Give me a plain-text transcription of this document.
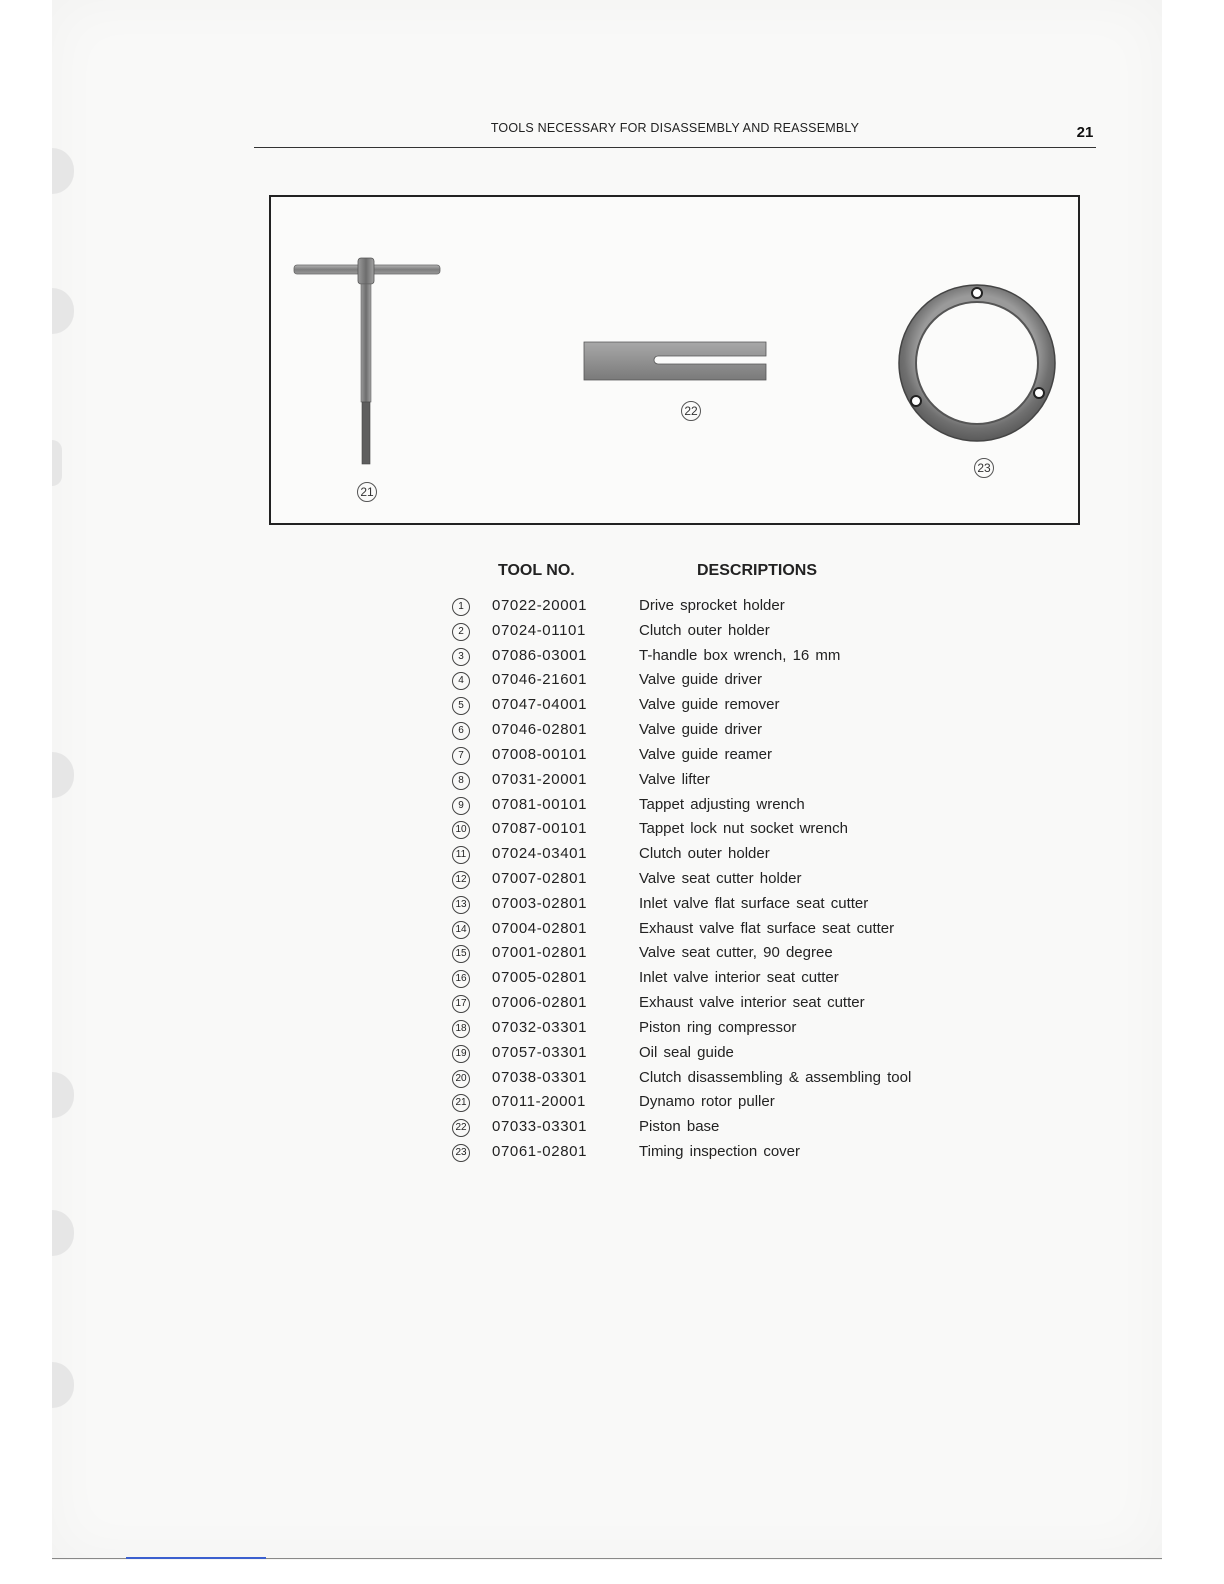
TOOLS NECESSARY FOR DISASSEMBLY AND REASSEMBLY	21
21
22
23
TOOL NO.	DESCRIPTIONS
1	07022-20001	Drive sprocket holder
2	07024-01101	Clutch outer holder
3	07086-03001	T-handle box wrench, 16 mm
4	07046-21601	Valve guide driver
5	07047-04001	Valve guide remover
6	07046-02801	Valve guide driver
7	07008-00101	Valve guide reamer
8	07031-20001	Valve lifter
9	07081-00101	Tappet adjusting wrench
10 07087-00101	Tappet lock nut socket wrench
11 07024-03401	Clutch outer holder
12 07007-02801	Valve seat cutter holder
13 07003-02801	Inlet valve flat surface seat cutter
14 07004-02801	Exhaust valve flat surface seat cutter
15 07001-02801	Valve seat cutter, 90 degree
16 07005-02801	Inlet valve interior seat cutter
17 07006-02801	Exhaust valve interior seat cutter
18 07032-03301	Piston ring compressor
19 07057-03301	Oil seal guide
20 07038-03301	Clutch disassembling & assembling tool
21 07011-20001	Dynamo rotor puller
22 07033-03301	Piston base
23 07061-02801	Timing inspection cover
